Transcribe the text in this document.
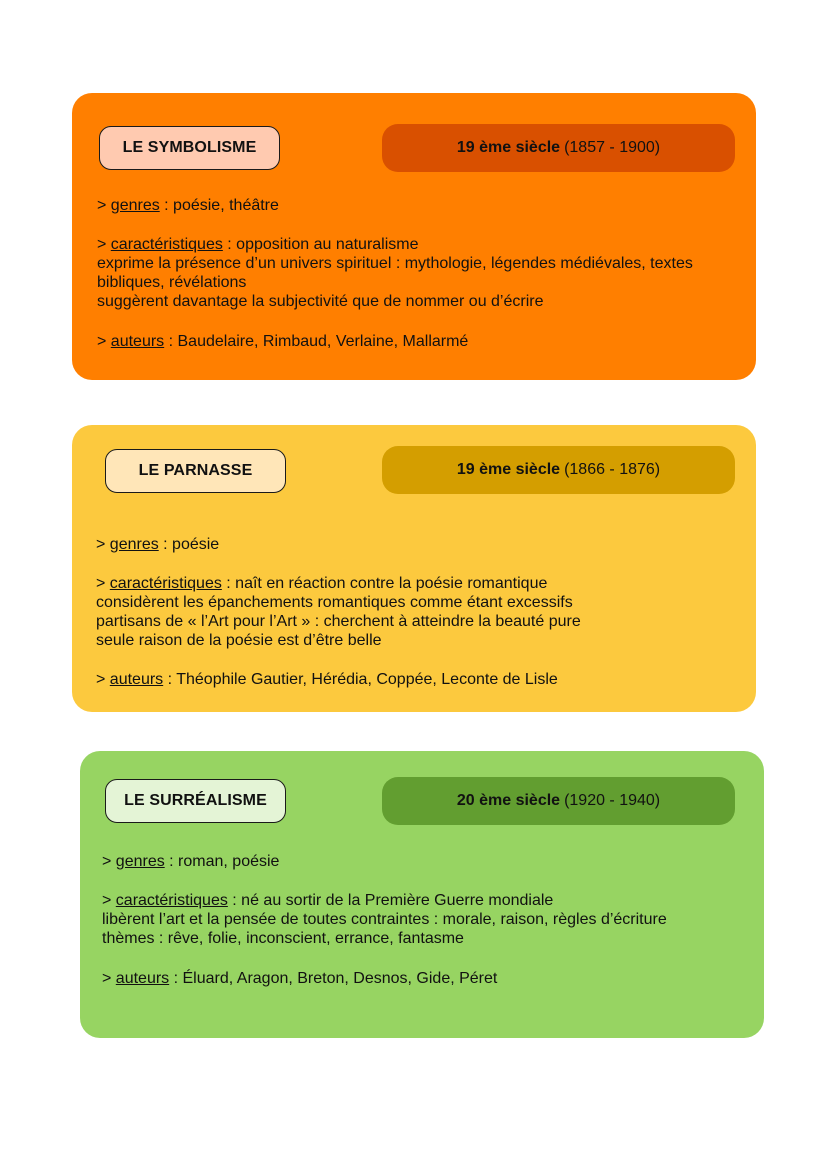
LE SYMBOLISME	19 ème siècle (1857 - 1900)
> genres : poésie, théâtre
> caractéristiques : opposition au naturalisme
exprime la présence d’un univers spirituel : mythologie, légendes médiévales, textes
bibliques, révélations
suggèrent davantage la subjectivité que de nommer ou d’écrire
> auteurs : Baudelaire, Rimbaud, Verlaine, Mallarmé
LE PARNASSE	19 ème siècle (1866 - 1876)
> genres : poésie
> caractéristiques : naît en réaction contre la poésie romantique
considèrent les épanchements romantiques comme étant excessifs
partisans de « l’Art pour l’Art » : cherchent à atteindre la beauté pure
seule raison de la poésie est d’être belle
> auteurs : Théophile Gautier, Hérédia, Coppée, Leconte de Lisle
LE SURRÉALISME	20 ème siècle (1920 - 1940)
> genres : roman, poésie
> caractéristiques : né au sortir de la Première Guerre mondiale
libèrent l’art et la pensée de toutes contraintes : morale, raison, règles d’écriture
thèmes : rêve, folie, inconscient, errance, fantasme
> auteurs : Éluard, Aragon, Breton, Desnos, Gide, Péret
